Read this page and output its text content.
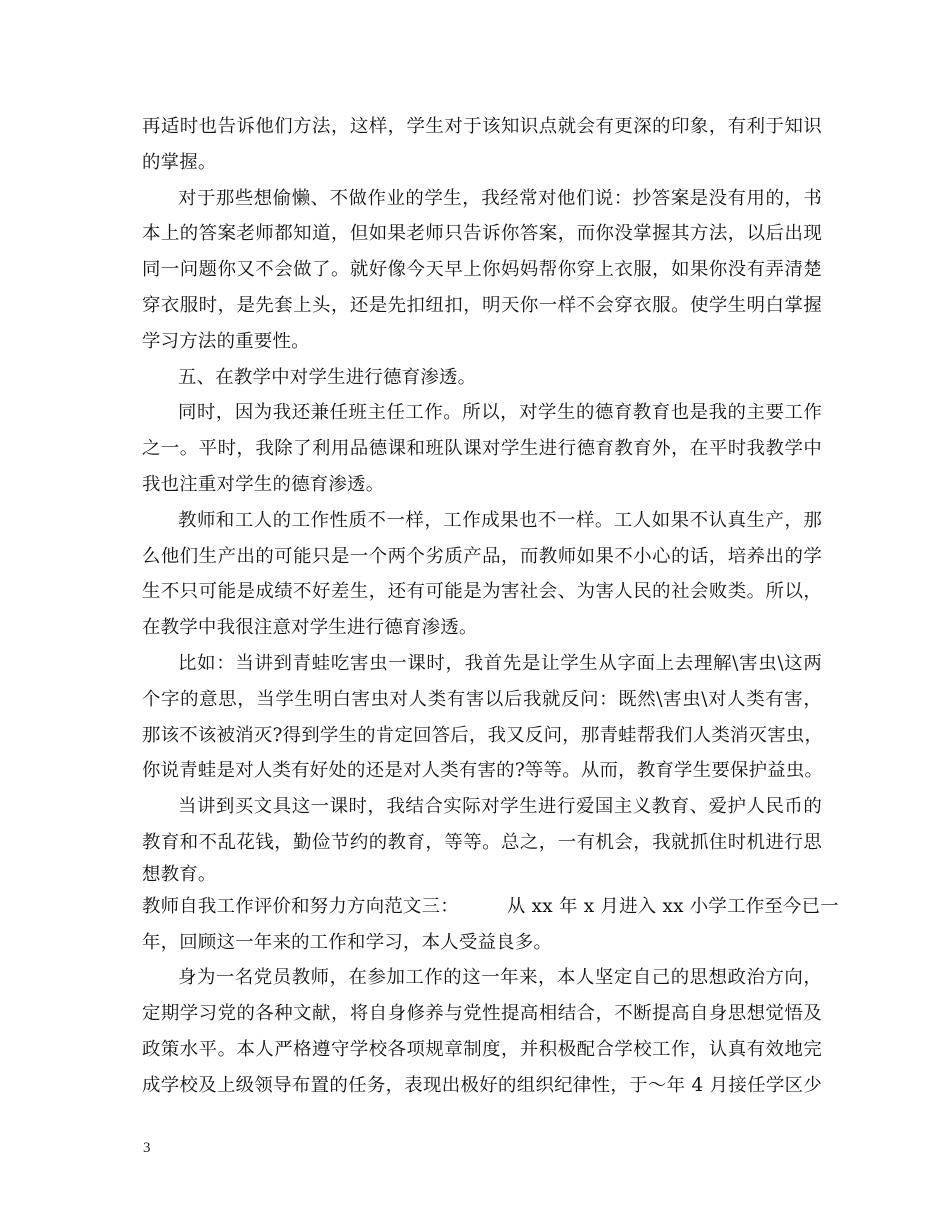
再适时也告诉他们方法，这样，学生对于该知识点就会有更深的印象，有利于知识
的掌握。
对于那些想偷懒、不做作业的学生，我经常对他们说：抄答案是没有用的，书
本上的答案老师都知道，但如果老师只告诉你答案，而你没掌握其方法，以后出现
同一问题你又不会做了。就好像今天早上你妈妈帮你穿上衣服，如果你没有弄清楚
穿衣服时，是先套上头，还是先扣纽扣，明天你一样不会穿衣服。使学生明白掌握
学习方法的重要性。
五、在教学中对学生进行德育渗透。
同时，因为我还兼任班主任工作。所以，对学生的德育教育也是我的主要工作
之一。平时，我除了利用品德课和班队课对学生进行德育教育外，在平时我教学中
我也注重对学生的德育渗透。
教师和工人的工作性质不一样，工作成果也不一样。工人如果不认真生产，那
么他们生产出的可能只是一个两个劣质产品，而教师如果不小心的话，培养出的学
生不只可能是成绩不好差生，还有可能是为害社会、为害人民的社会败类。所以，
在教学中我很注意对学生进行德育渗透。
比如：当讲到青蛙吃害虫一课时，我首先是让学生从字面上去理解\害虫\这两
个字的意思，当学生明白害虫对人类有害以后我就反问：既然\害虫\对人类有害，
那该不该被消灭?得到学生的肯定回答后，我又反问，那青蛙帮我们人类消灭害虫，
你说青蛙是对人类有好处的还是对人类有害的?等等。从而，教育学生要保护益虫。
当讲到买文具这一课时，我结合实际对学生进行爱国主义教育、爱护人民币的
教育和不乱花钱，勤俭节约的教育，等等。总之，一有机会，我就抓住时机进行思
想教育。
教师自我工作评价和努力方向范文三：	从 xx 年 x 月进入 xx 小学工作至今已一
年，回顾这一年来的工作和学习，本人受益良多。
身为一名党员教师，在参加工作的这一年来，本人坚定自己的思想政治方向，
定期学习党的各种文献，将自身修养与党性提高相结合，不断提高自身思想觉悟及
政策水平。本人严格遵守学校各项规章制度，并积极配合学校工作，认真有效地完
成学校及上级领导布置的任务，表现出极好的组织纪律性，于～年 4 月接任学区少
3
